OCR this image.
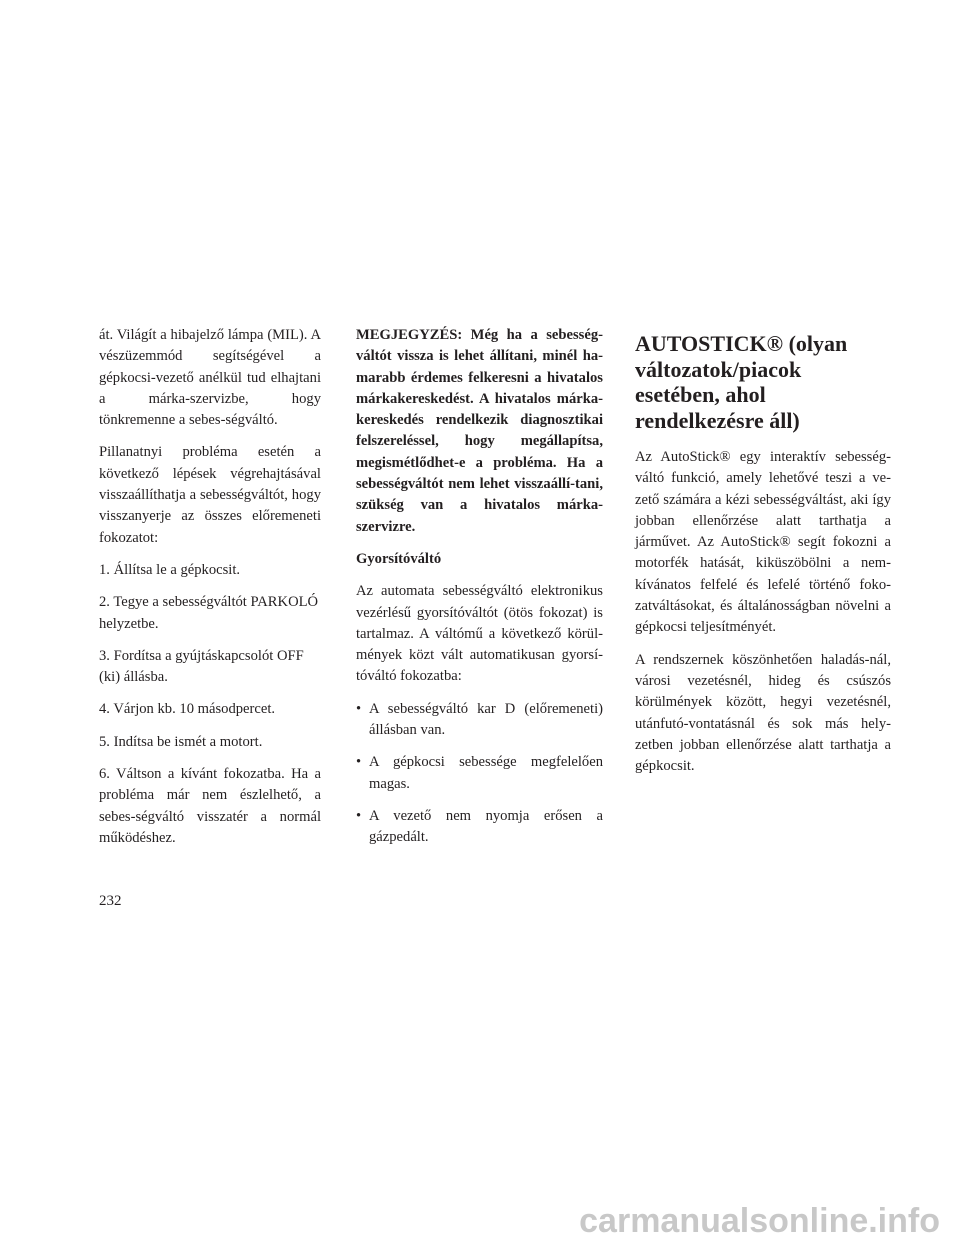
át. Világít a hibajelző lámpa (MIL). A vészüzemmód segítségével a gépkocsi-vezető anélkül tud elhajtani a márka-szervizbe, hogy tönkremenne a sebes-ségváltó.

Pillanatnyi probléma esetén a következő lépések végrehajtásával visszaállíthatja a sebességváltót, hogy visszanyerje az összes előremeneti fokozatot:

1. Állítsa le a gépkocsit.

2. Tegye a sebességváltót PARKOLÓ helyzetbe.

3. Fordítsa a gyújtáskapcsolót OFF (ki) állásba.

4. Várjon kb. 10 másodpercet.

5. Indítsa be ismét a motort.

6. Váltson a kívánt fokozatba. Ha a probléma már nem észlelhető, a sebes-ségváltó visszatér a normál működéshez.

MEGJEGYZÉS: Még ha a sebesség-váltót vissza is lehet állítani, minél ha-marabb érdemes felkeresni a hivatalos márkakereskedést. A hivatalos márka-kereskedés rendelkezik diagnosztikai felszereléssel, hogy megállapítsa, megismétlődhet-e a probléma. Ha a sebességváltót nem lehet visszaállí-tani, szükség van a hivatalos márka-szervizre.

Gyorsítóváltó

Az automata sebességváltó elektronikus vezérlésű gyorsítóváltót (ötös fokozat) is tartalmaz. A váltómű a következő körül-mények közt vált automatikusan gyorsí-tóváltó fokozatba:

• A sebességváltó kar D (előremeneti) állásban van.
• A gépkocsi sebessége megfelelően magas.
• A vezető nem nyomja erősen a gázpedált.
AUTOSTICK® (olyan változatok/piacok esetében, ahol rendelkezésre áll)

Az AutoStick® egy interaktív sebesség-váltó funkció, amely lehetővé teszi a ve-zető számára a kézi sebességváltást, aki így jobban ellenőrzése alatt tarthatja a járművet. Az AutoStick® segít fokozni a motorfék hatását, kiküszöbölni a nem-kívánatos felfelé és lefelé történő foko-zatváltásokat, és általánosságban növelni a gépkocsi teljesítményét.

A rendszernek köszönhetően haladás-nál, városi vezetésnél, hideg és csúszós körülmények között, hegyi vezetésnél, utánfutó-vontatásnál és sok más hely-zetben jobban ellenőrzése alatt tarthatja a gépkocsit.

232
carmanualsonline.info
